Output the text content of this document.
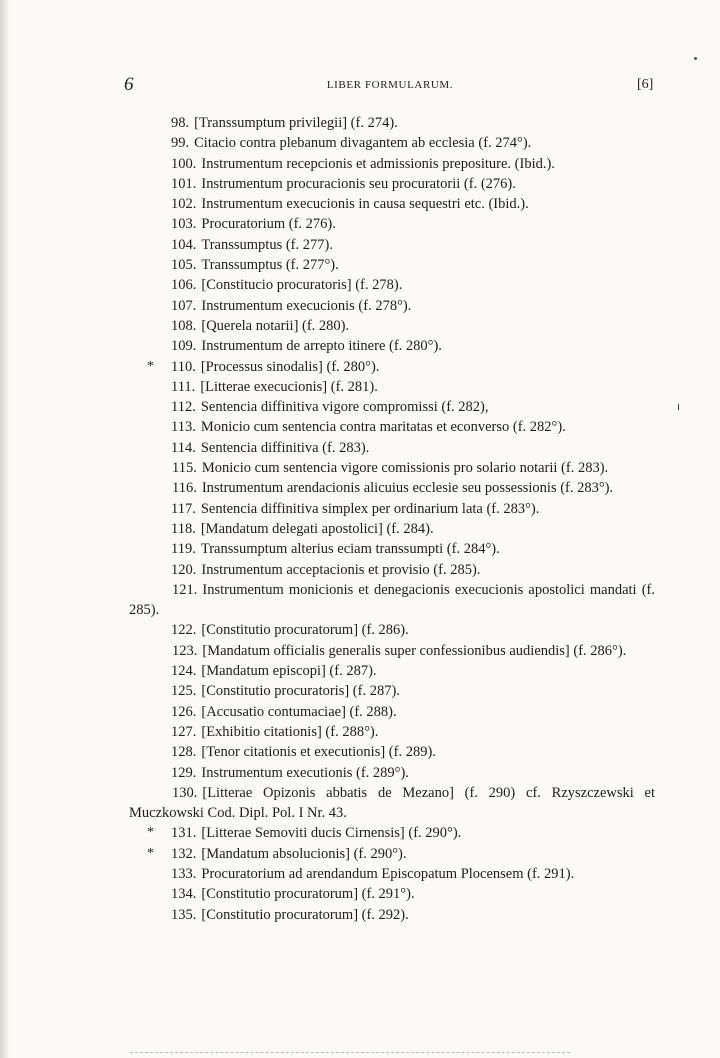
6	LIBER FORMULARUM.	[6]
98. [Transsumptum privilegii] (f. 274).
99. Citacio contra plebanum divagantem ab ecclesia (f. 274°).
100. Instrumentum recepcionis et admissionis prepositure. (Ibid.).
101. Instrumentum procuracionis seu procuratorii (f. (276).
102. Instrumentum execucionis in causa sequestri etc. (Ibid.).
103. Procuratorium (f. 276).
104. Transsumptus (f. 277).
105. Transsumptus (f. 277°).
106. [Constitucio procuratoris] (f. 278).
107. Instrumentum execucionis (f. 278°).
108. [Querela notarii] (f. 280).
109. Instrumentum de arrepto itinere (f. 280°).
* 110. [Processus sinodalis] (f. 280°).
111. [Litterae execucionis] (f. 281).
112. Sentencia diffinitiva vigore compromissi (f. 282),
113. Monicio cum sentencia contra maritatas et econverso (f. 282°).
114. Sentencia diffinitiva (f. 283).
115. Monicio cum sentencia vigore comissionis pro solario notarii (f. 283).
116. Instrumentum arendacionis alicuius ecclesie seu possessionis (f. 283°).
117. Sentencia diffinitiva simplex per ordinarium lata (f. 283°).
118. [Mandatum delegati apostolici] (f. 284).
119. Transsumptum alterius eciam transsumpti (f. 284°).
120. Instrumentum acceptacionis et provisio (f. 285).
121. Instrumentum monicionis et denegacionis execucionis apostolici mandati (f. 285).
122. [Constitutio procuratorum] (f. 286).
123. [Mandatum officialis generalis super confessionibus audiendis] (f. 286°).
124. [Mandatum episcopi] (f. 287).
125. [Constitutio procuratoris] (f. 287).
126. [Accusatio contumaciae] (f. 288).
127. [Exhibitio citationis] (f. 288°).
128. [Tenor citationis et executionis] (f. 289).
129. Instrumentum executionis (f. 289°).
130. [Litterae Opizonis abbatis de Mezano] (f. 290) cf. Rzyszczewski et Muczkowski Cod. Dipl. Pol. I Nr. 43.
* 131. [Litterae Semoviti ducis Cirnensis] (f. 290°).
* 132. [Mandatum absolucionis] (f. 290°).
133. Procuratorium ad arendandum Episcopatum Plocensem (f. 291).
134. [Constitutio procuratorum] (f. 291°).
135. [Constitutio procuratorum] (f. 292).
